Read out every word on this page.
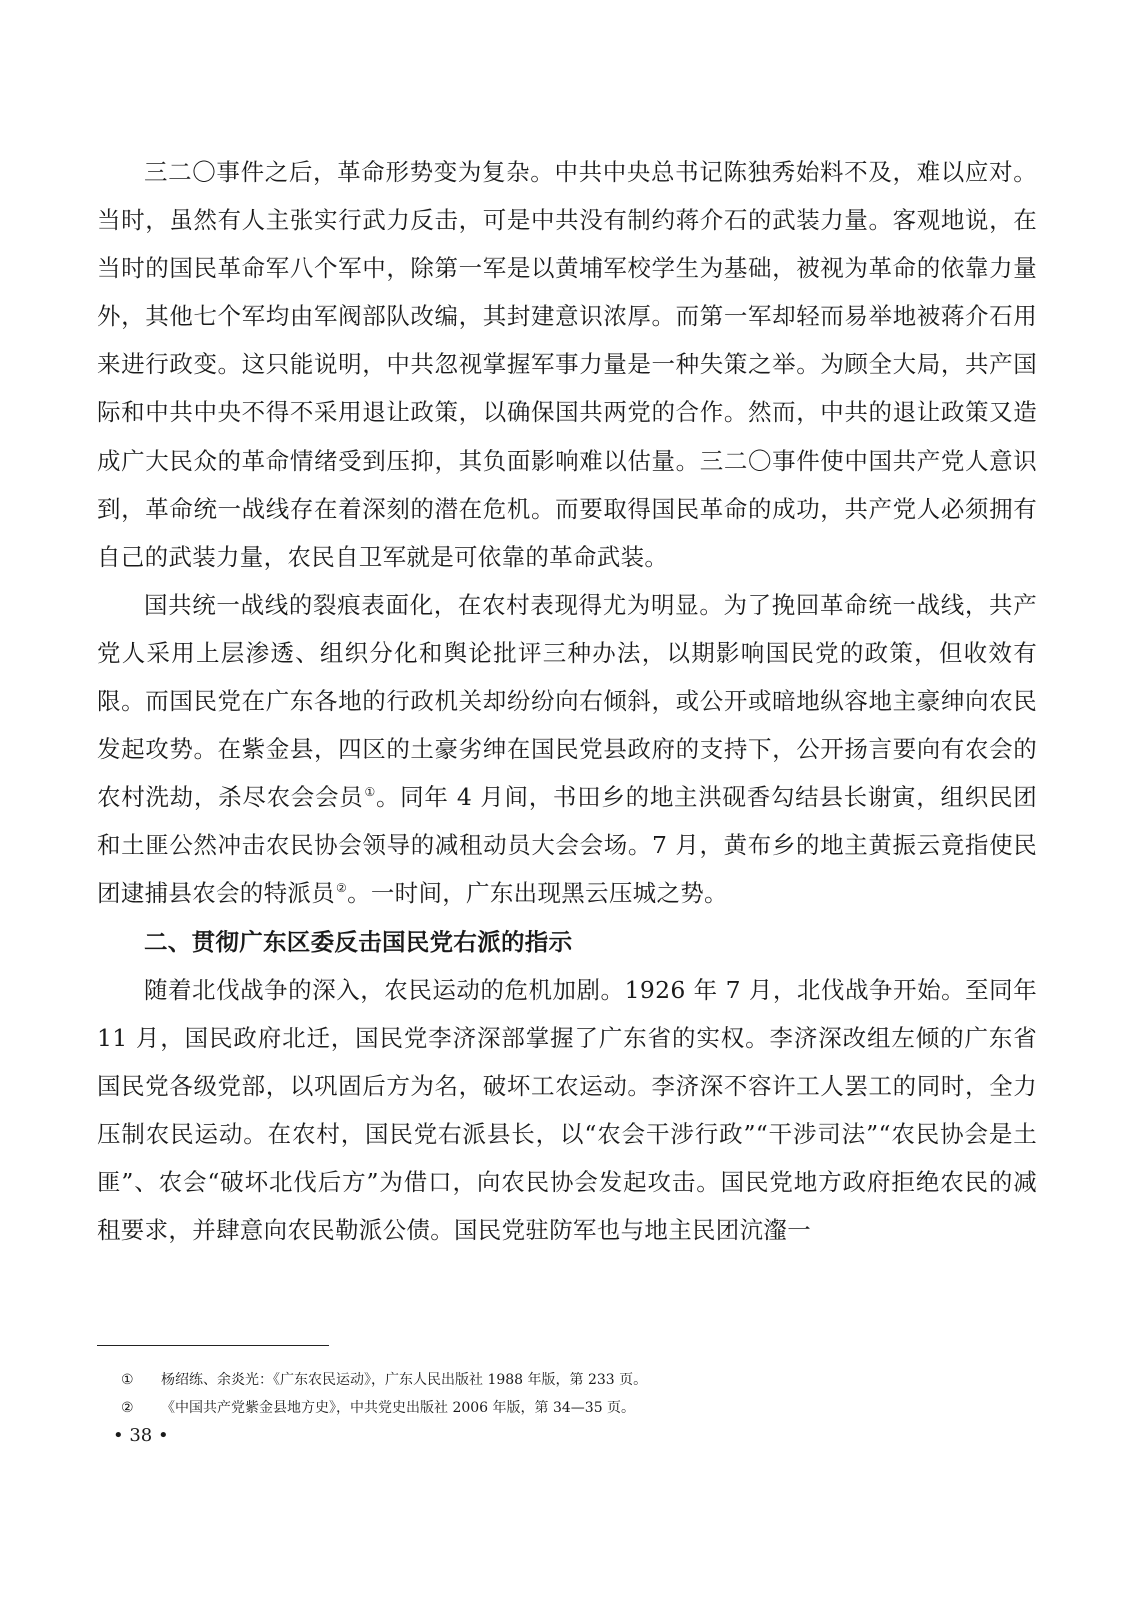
三二〇事件之后，革命形势变为复杂。中共中央总书记陈独秀始料不及，难以应对。当时，虽然有人主张实行武力反击，可是中共没有制约蒋介石的武装力量。客观地说，在当时的国民革命军八个军中，除第一军是以黄埔军校学生为基础，被视为革命的依靠力量外，其他七个军均由军阀部队改编，其封建意识浓厚。而第一军却轻而易举地被蒋介石用来进行政变。这只能说明，中共忽视掌握军事力量是一种失策之举。为顾全大局，共产国际和中共中央不得不采用退让政策，以确保国共两党的合作。然而，中共的退让政策又造成广大民众的革命情绪受到压抑，其负面影响难以估量。三二〇事件使中国共产党人意识到，革命统一战线存在着深刻的潜在危机。而要取得国民革命的成功，共产党人必须拥有自己的武装力量，农民自卫军就是可依靠的革命武装。

国共统一战线的裂痕表面化，在农村表现得尤为明显。为了挽回革命统一战线，共产党人采用上层渗透、组织分化和舆论批评三种办法，以期影响国民党的政策，但收效有限。而国民党在广东各地的行政机关却纷纷向右倾斜，或公开或暗地纵容地主豪绅向农民发起攻势。在紫金县，四区的土豪劣绅在国民党县政府的支持下，公开扬言要向有农会的农村洗劫，杀尽农会会员①。同年 4 月间，书田乡的地主洪砚香勾结县长谢寅，组织民团和土匪公然冲击农民协会领导的减租动员大会会场。7 月，黄布乡的地主黄振云竟指使民团逮捕县农会的特派员②。一时间，广东出现黑云压城之势。

二、贯彻广东区委反击国民党右派的指示

随着北伐战争的深入，农民运动的危机加剧。1926 年 7 月，北伐战争开始。至同年 11 月，国民政府北迁，国民党李济深部掌握了广东省的实权。李济深改组左倾的广东省国民党各级党部，以巩固后方为名，破坏工农运动。李济深不容许工人罢工的同时，全力压制农民运动。在农村，国民党右派县长，以“农会干涉行政”“干涉司法”“农民协会是土匪”、农会“破坏北伐后方”为借口，向农民协会发起攻击。国民党地方政府拒绝农民的减租要求，并肆意向农民勒派公债。国民党驻防军也与地主民团沆瀣一

① 杨绍练、余炎光：《广东农民运动》，广东人民出版社 1988 年版，第 233 页。
② 《中国共产党紫金县地方史》，中共党史出版社 2006 年版，第 34—35 页。
• 38 •
